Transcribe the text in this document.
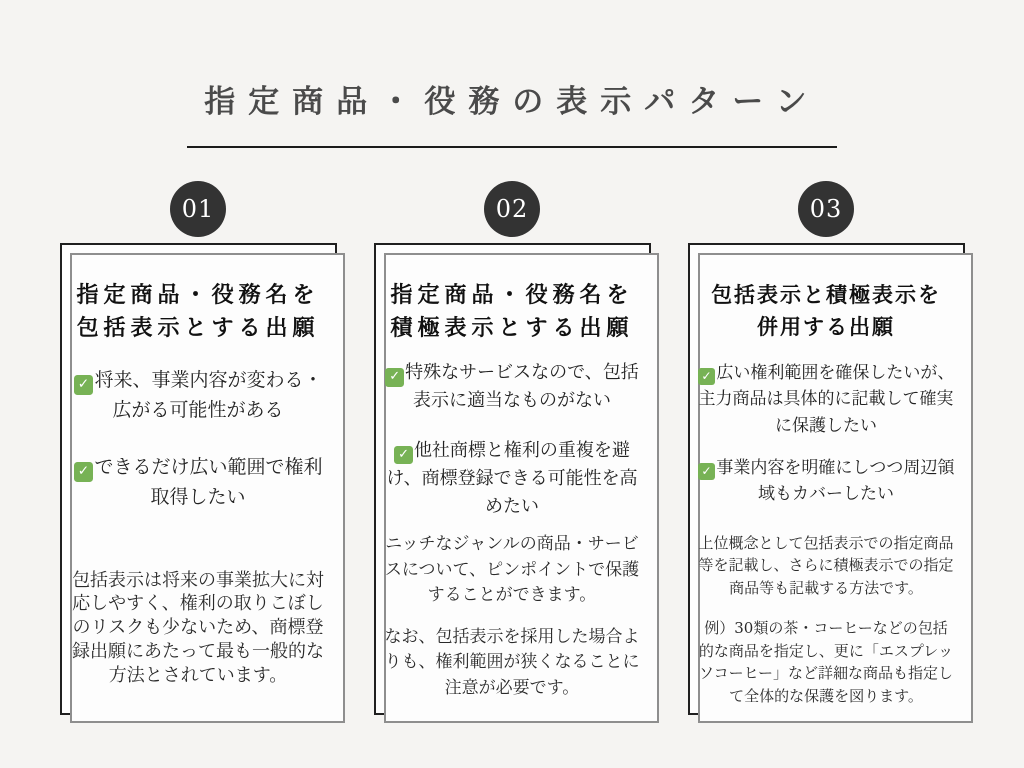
指定商品・役務の表示パターン
01
指定商品・役務名を
包括表示とする出願
✓将来、事業内容が変わる・広がる可能性がある
✓できるだけ広い範囲で権利取得したい

包括表示は将来の事業拡大に対応しやすく、権利の取りこぼしのリスクも少ないため、商標登録出願にあたって最も一般的な方法とされています。

02
指定商品・役務名を
積極表示とする出願
✓特殊なサービスなので、包括表示に適当なものがない
✓他社商標と権利の重複を避け、商標登録できる可能性を高めたい

ニッチなジャンルの商品・サービスについて、ピンポイントで保護することができます。

なお、包括表示を採用した場合よりも、権利範囲が狭くなることに注意が必要です。

03
包括表示と積極表示を
併用する出願
✓広い権利範囲を確保したいが、主力商品は具体的に記載して確実に保護したい
✓事業内容を明確にしつつ周辺領域もカバーしたい

上位概念として包括表示での指定商品等を記載し、さらに積極表示での指定商品等も記載する方法です。

例）30類の茶・コーヒーなどの包括的な商品を指定し、更に「エスプレッソコーヒー」など詳細な商品も指定して全体的な保護を図ります。
